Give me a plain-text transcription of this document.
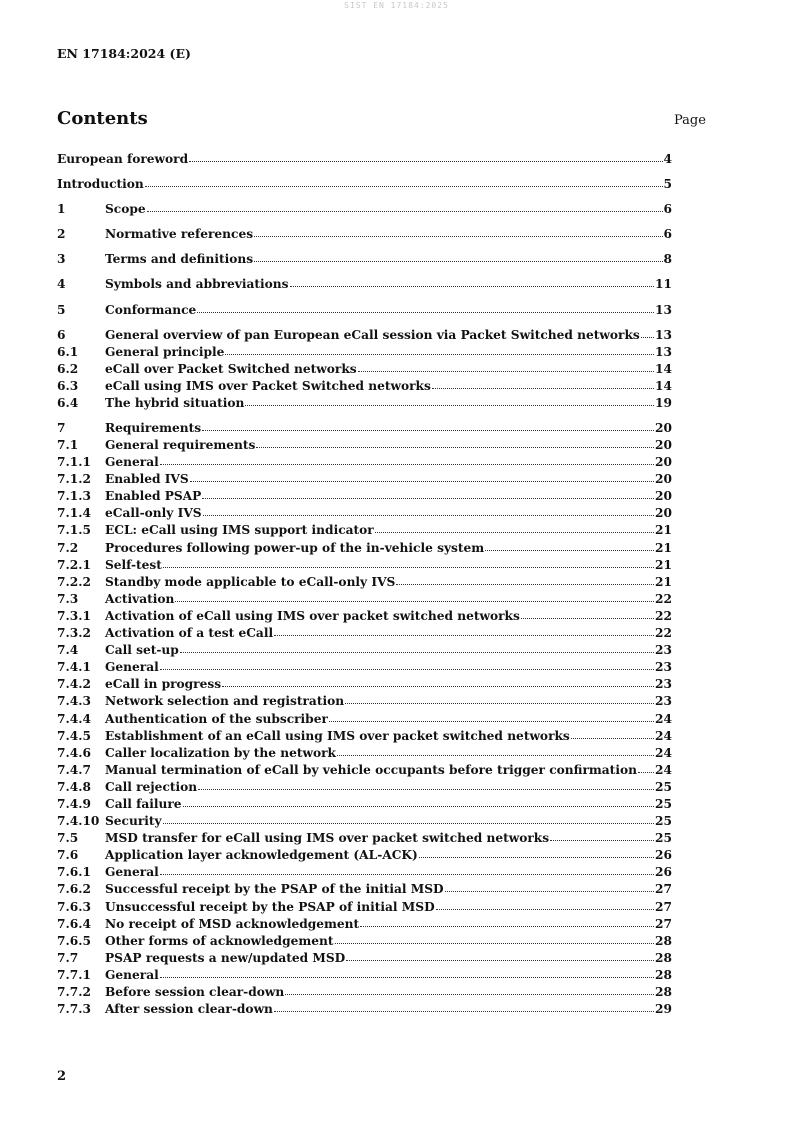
SIST EN 17184:2025
EN 17184:2024 (E)
Contents	Page
European foreword	4
Introduction	5
1	Scope	6
2	Normative references	6
3	Terms and definitions	8
4	Symbols and abbreviations	11
5	Conformance	13
6	General overview of pan European eCall session via Packet Switched networks 13
6.1	General principle	13
6.2	eCall over Packet Switched networks	14
6.3	eCall using IMS over Packet Switched networks	14
6.4	The hybrid situation	19
7	Requirements	20
7.1	General requirements	20
7.1.1	General	20
7.1.2	Enabled IVS	20
7.1.3	Enabled PSAP	20
7.1.4	eCall-only IVS	20
7.1.5	ECL: eCall using IMS support indicator	21
7.2	Procedures following power-up of the in-vehicle system	21
7.2.1	Self-test	21
7.2.2	Standby mode applicable to eCall-only IVS	21
7.3	Activation	22
7.3.1	Activation of eCall using IMS over packet switched networks	22
7.3.2	Activation of a test eCall	22
7.4	Call set-up	23
7.4.1	General	23
7.4.2	eCall in progress	23
7.4.3	Network selection and registration	23
7.4.4	Authentication of the subscriber	24
7.4.5	Establishment of an eCall using IMS over packet switched networks	24
7.4.6	Caller localization by the network	24
7.4.7	Manual termination of eCall by vehicle occupants before trigger confirmation 24
7.4.8	Call rejection	25
7.4.9	Call failure	25
7.4.10 Security	25
7.5	MSD transfer for eCall using IMS over packet switched networks	25
7.6	Application layer acknowledgement (AL-ACK)	26
7.6.1	General	26
7.6.2	Successful receipt by the PSAP of the initial MSD	27
7.6.3	Unsuccessful receipt by the PSAP of initial MSD	27
7.6.4	No receipt of MSD acknowledgement	27
7.6.5	Other forms of acknowledgement	28
7.7	PSAP requests a new/updated MSD	28
7.7.1	General	28
7.7.2	Before session clear-down	28
7.7.3	After session clear-down	29
2
